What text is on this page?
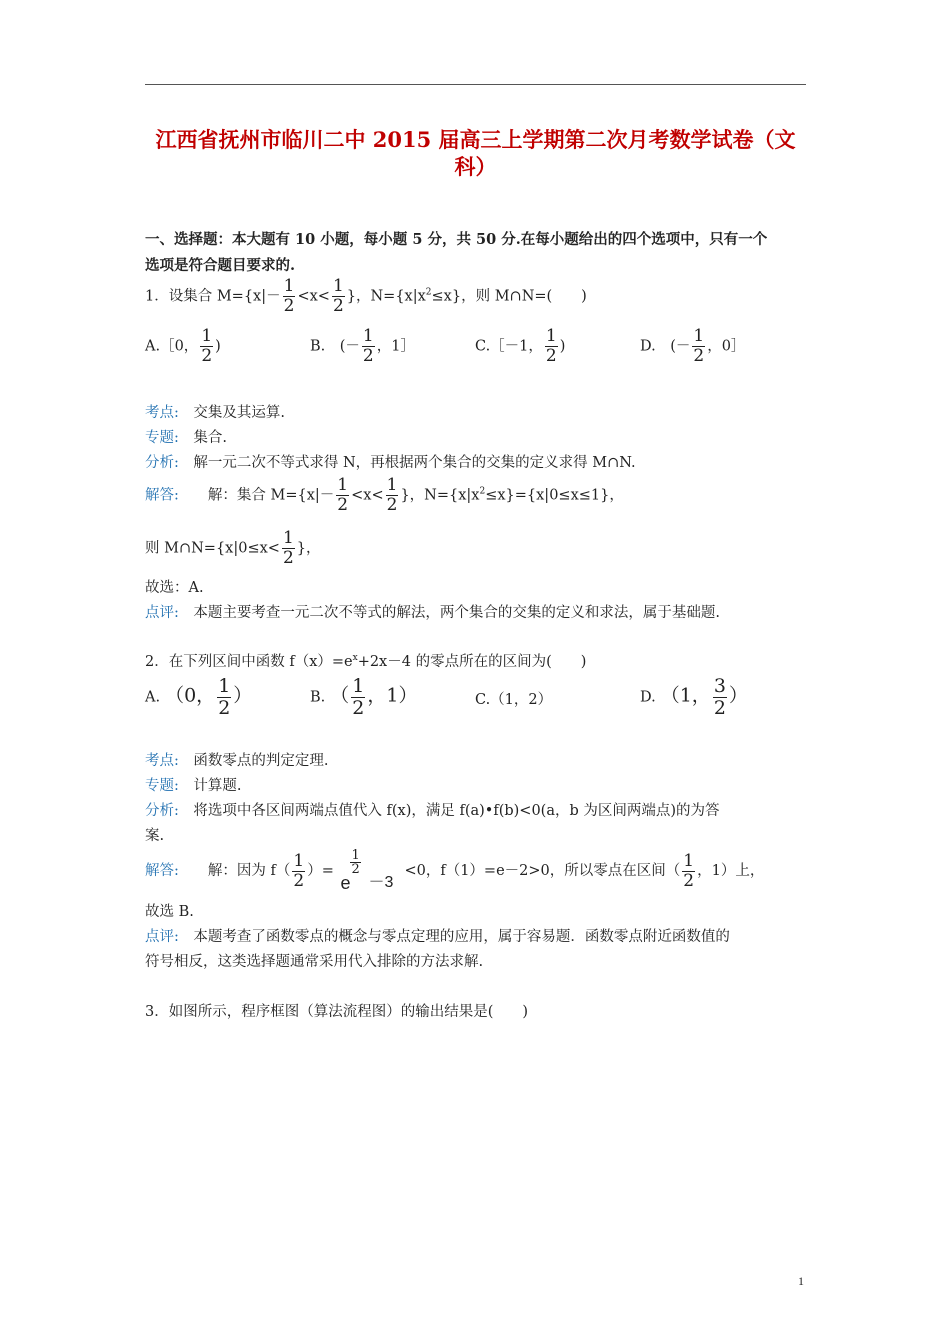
江西省抚州市临川二中 2015 届高三上学期第二次月考数学试卷（文
科）
一、选择题：本大题有 10 小题，每小题 5 分，共 50 分.在每小题给出的四个选项中，只有一个
选项是符合题目要求的.
1．设集合 $M=\{x|- \frac{1}{2} <x< \frac{1}{2}$ }，$N=\{x|x^2\le x\}$，则 M∩N=(　　)
A.［0， $\frac{1}{2}$ )	B.　(－ $\frac{1}{2}$ ，1］	C.［－1， $\frac{1}{2}$ )	D.　(－ $\frac{1}{2}$ ，0］
考点:　 交集及其运算.
专题:　 集合.
分析:　 解一元二次不等式求得 N，再根据两个集合的交集的定义求得 M∩N.
解答:　　 解：集合 $M=\{x|- \frac{1}{2} <x< \frac{1}{2}$ }，$N=\{x|x^2\le x\}=\{x|0\le x\le 1\}$，
则 M∩N={x|0≤x< $\frac{1}{2}$ }，
故选：A.
点评:　 本题主要考查一元二次不等式的解法，两个集合的交集的定义和求法，属于基础题.
2．在下列区间中函数 $f(x)=e^x+2x-4$ 的零点所在的区间为(　　)
A.　 （0， $\frac{1}{2}$ ）	B.　 （ $\frac{1}{2}$ ，1）	C.（1，2）	D.　 （1， $\frac{3}{2}$ ）
考点:　 函数零点的判定定理.
专题:　 计算题.
分析:　 将选项中各区间两端点值代入 f(x)，满足 f(a)•f(b)<0(a，b 为区间两端点)的为答
案.
解答:　　 解：因为 $f( \frac{1}{2}$ ）=
e
$\frac{1}{2}$
－3
<0，f（1）=e－2>0，所以零点在区间（ $\frac{1}{2}$ ，1）上，
故选 B.
点评:　 本题考查了函数零点的概念与零点定理的应用，属于容易题．函数零点附近函数值的
符号相反，这类选择题通常采用代入排除的方法求解.
3．如图所示，程序框图（算法流程图）的输出结果是(　　)
1
